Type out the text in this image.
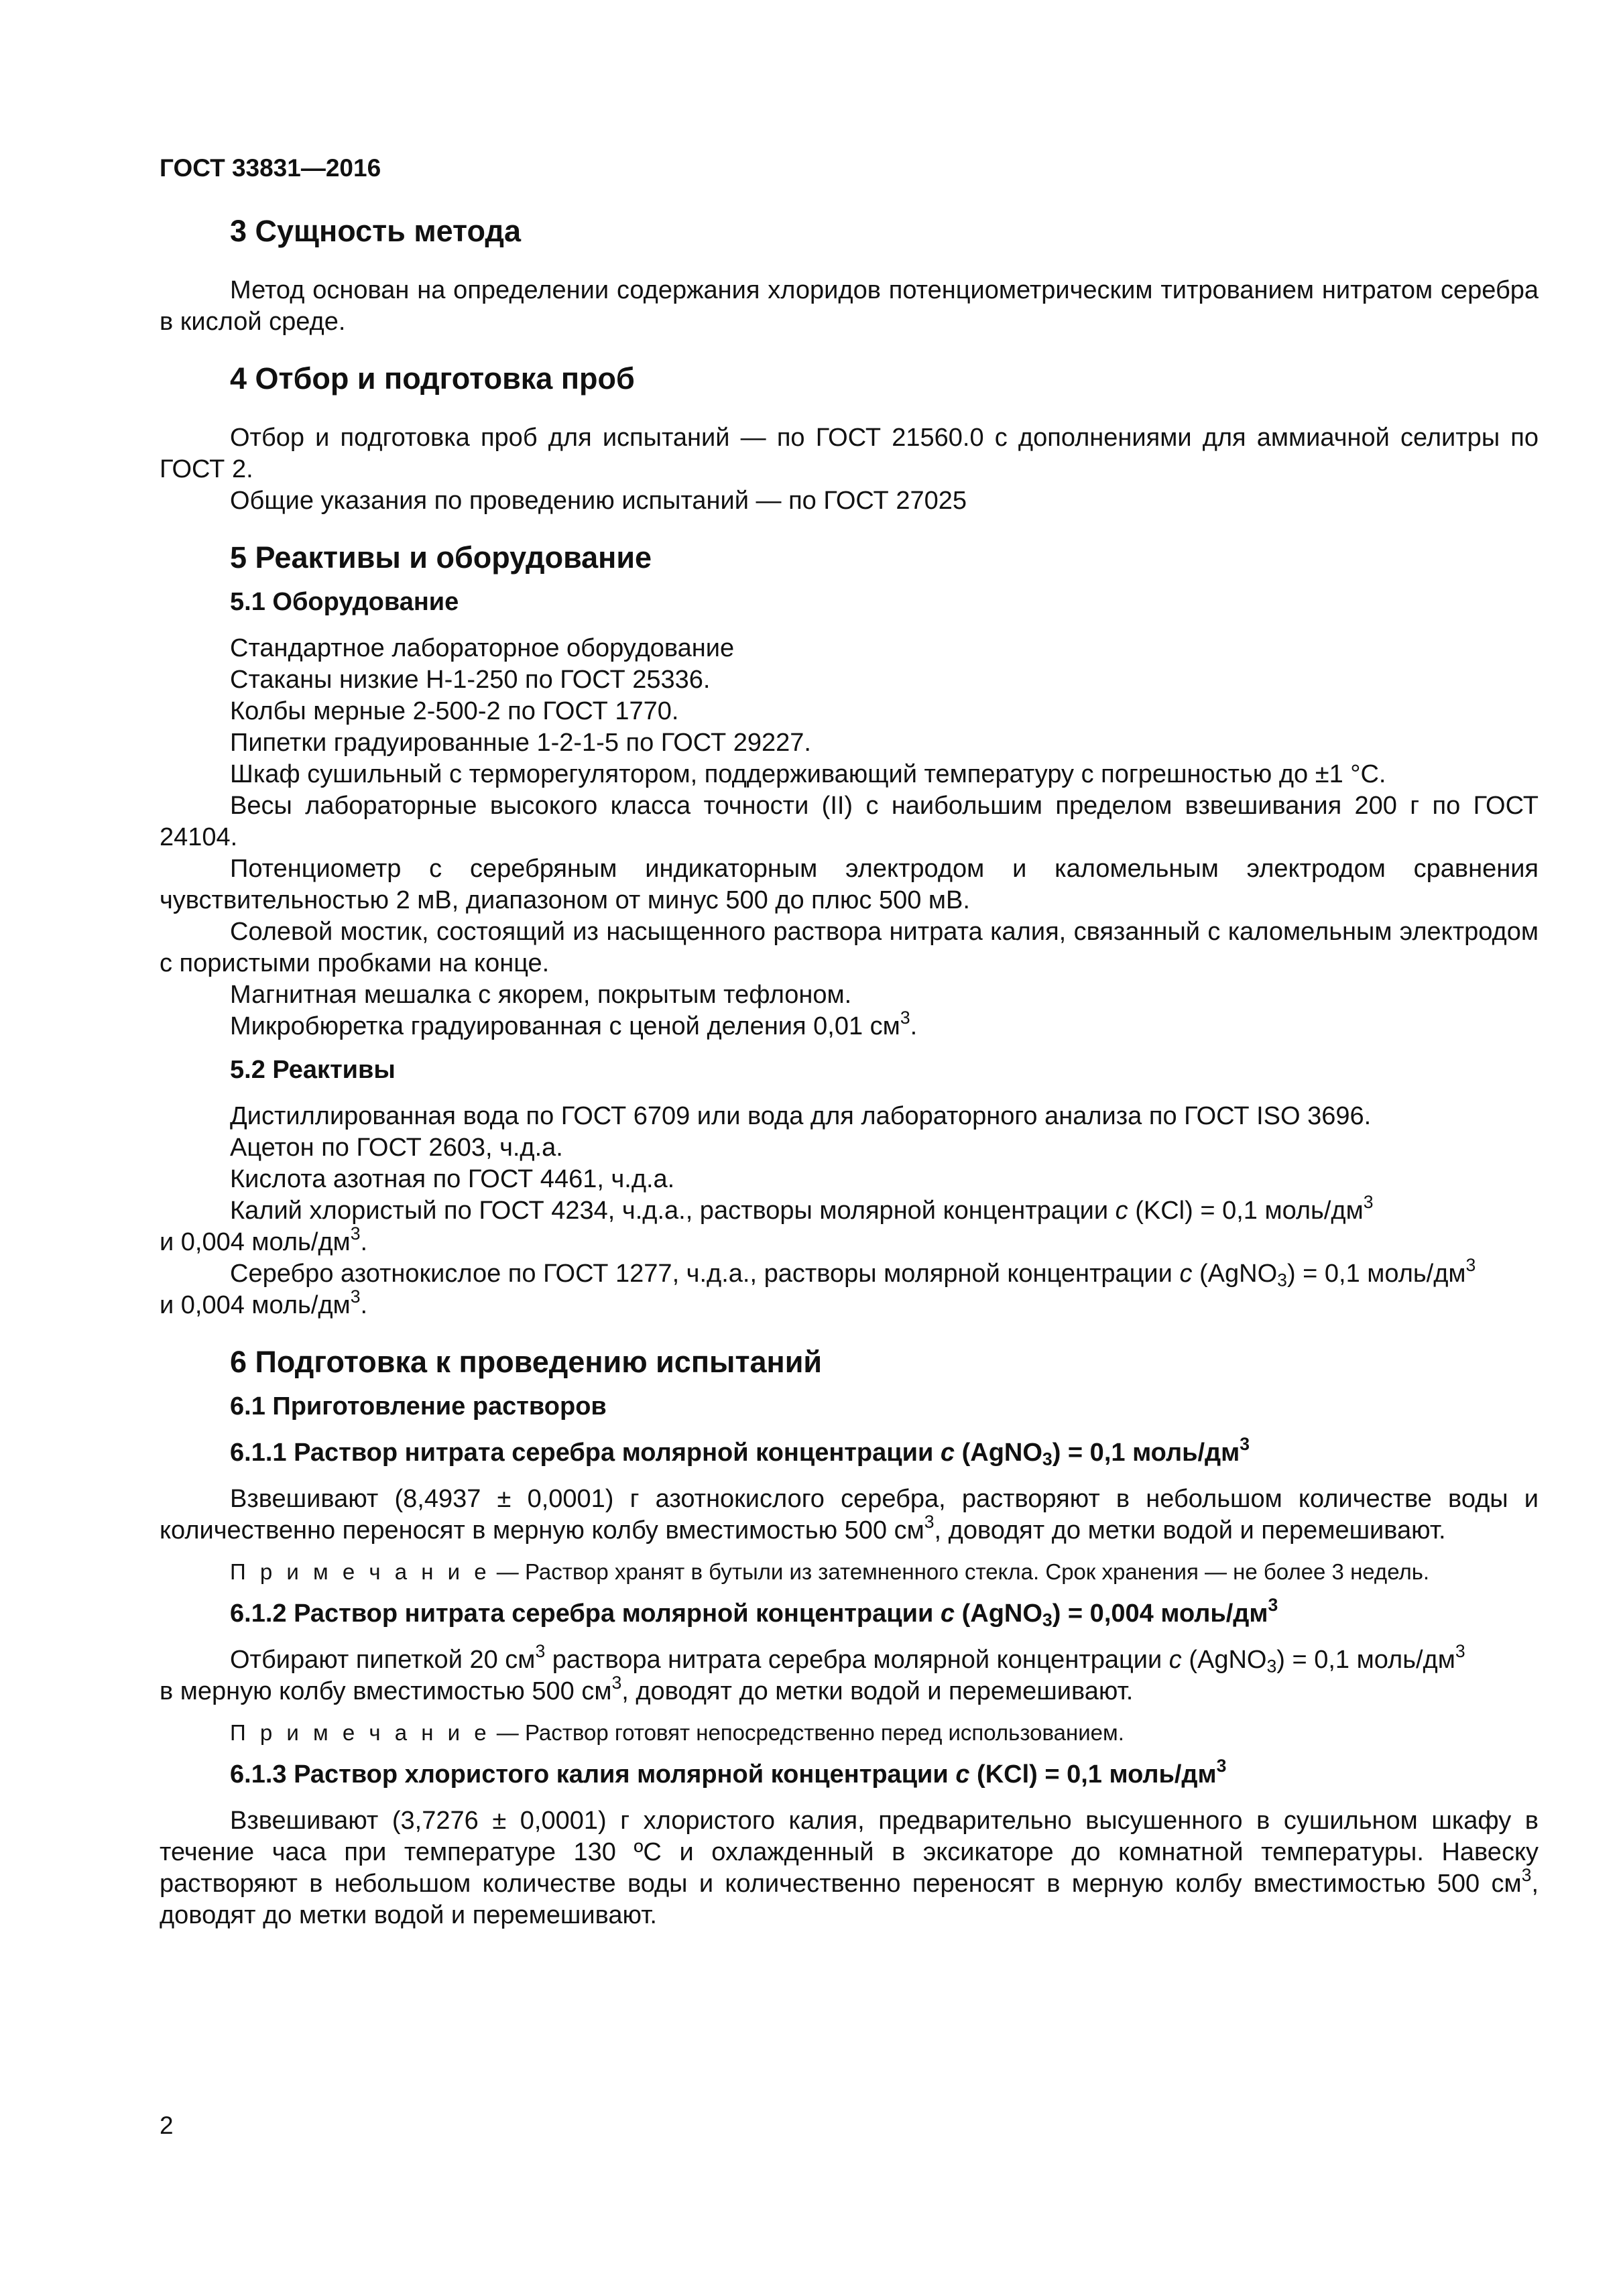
ГОСТ 33831—2016
3 Сущность метода

Метод основан на определении содержания хлоридов потенциометрическим титрованием нитратом серебра в кислой среде.

4 Отбор и подготовка проб

Отбор и подготовка проб для испытаний — по ГОСТ 21560.0 с дополнениями для аммиачной селитры по ГОСТ 2.

Общие указания по проведению испытаний — по ГОСТ 27025

5 Реактивы и оборудование
5.1 Оборудование

Стандартное лабораторное оборудование

Стаканы низкие Н-1-250 по ГОСТ 25336.

Колбы мерные 2-500-2 по ГОСТ 1770.

Пипетки градуированные 1-2-1-5 по ГОСТ 29227.

Шкаф сушильный с терморегулятором, поддерживающий температуру с погрешностью до ±1 °С.

Весы лабораторные высокого класса точности (II) с наибольшим пределом взвешивания 200 г по ГОСТ 24104.

Потенциометр с серебряным индикаторным электродом и каломельным электродом сравнения чувствительностью 2 мВ, диапазоном от минус 500 до плюс 500 мВ.

Солевой мостик, состоящий из насыщенного раствора нитрата калия, связанный с каломельным электродом с пористыми пробками на конце.

Магнитная мешалка с якорем, покрытым тефлоном.

Микробюретка градуированная с ценой деления 0,01 $см^3$.

5.2 Реактивы

Дистиллированная вода по ГОСТ 6709 или вода для лабораторного анализа по ГОСТ ISO 3696.

Ацетон по ГОСТ 2603, ч.д.а.

Кислота азотная по ГОСТ 4461, ч.д.а.

Калий хлористый по ГОСТ 4234, ч.д.а., растворы молярной концентрации c (KCl) = 0,1 моль/$дм^3$

и 0,004 моль/$дм^3$.

Серебро азотнокислое по ГОСТ 1277, ч.д.а., растворы молярной концентрации c (AgNO$_3$) = 0,1 моль/$дм^3$

и 0,004 моль/$дм^3$.

6 Подготовка к проведению испытаний
6.1 Приготовление растворов
6.1.1 Раствор нитрата серебра молярной концентрации c (AgNO$_3$) = 0,1 моль/$дм^3$

Взвешивают (8,4937 ± 0,0001) г азотнокислого серебра, растворяют в небольшом количестве воды и количественно переносят в мерную колбу вместимостью 500 $см^3$, доводят до метки водой и перемешивают.

П р и м е ч а н и е — Раствор хранят в бутыли из затемненного стекла. Срок хранения — не более 3 недель.

6.1.2 Раствор нитрата серебра молярной концентрации c (AgNO$_3$) = 0,004 моль/$дм^3$

Отбирают пипеткой 20 $см^3$ раствора нитрата серебра молярной концентрации c (AgNO$_3$) = 0,1 моль/$дм^3$

в мерную колбу вместимостью 500 $см^3$, доводят до метки водой и перемешивают.

П р и м е ч а н и е — Раствор готовят непосредственно перед использованием.

6.1.3 Раствор хлористого калия молярной концентрации c (KCl) = 0,1 моль/$дм^3$

Взвешивают (3,7276 ± 0,0001) г хлористого калия, предварительно высушенного в сушильном шкафу в течение часа при температуре 130 ºС и охлажденный в эксикаторе до комнатной температуры. Навеску растворяют в небольшом количестве воды и количественно переносят в мерную колбу вместимостью 500 $см^3$, доводят до метки водой и перемешивают.

2
